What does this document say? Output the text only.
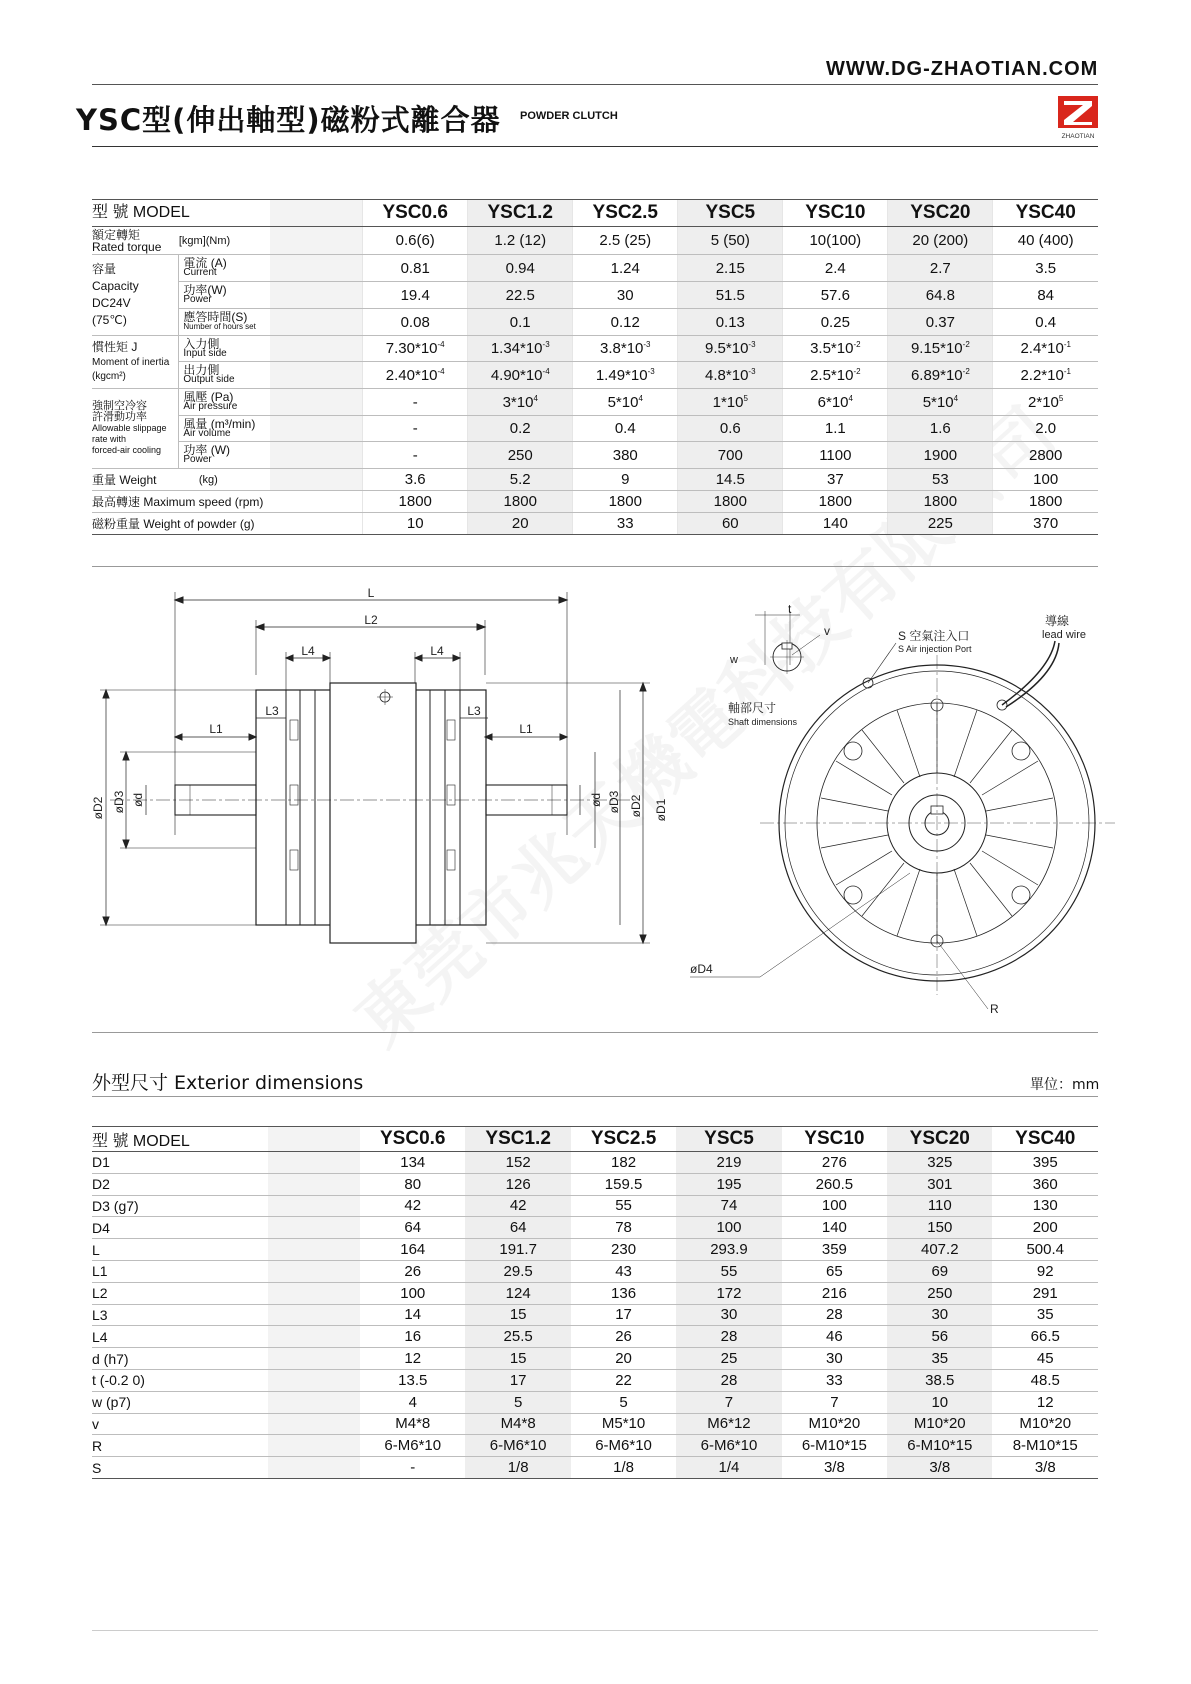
WWW.DG-ZHAOTIAN.COM
YSC型(伸出軸型)磁粉式離合器 POWDER CLUTCH
ZHAOTIAN
型 號 MODEL			YSC0.6	YSC1.2	YSC2.5	YSC5	YSC10	YSC20	YSC40
額定轉矩
Rated torque	[kgm](Nm)		0.6(6)	1.2 (12)	2.5 (25)	5 (50)	10(100)	20 (200)	40 (400)
容量
Capacity
DC24V
(75℃)	電流 (A)
Current		0.81	0.94	1.24	2.15	2.4	2.7	3.5

	功率(W)
Power		19.4	22.5	30	51.5	57.6	64.8	84

	應答時間(S)
Number of hours set		0.08	0.1	0.12	0.13	0.25	0.37	0.4
慣性矩 J
Moment of inertia
(kgcm²)	入力側
Input side		$7.30*10^{-4}$	$1.34*10^{-3}$	$3.8*10^{-3}$	$9.5*10^{-3}$	$3.5*10^{-2}$	$9.15*10^{-2}$	$2.4*10^{-1}$

	出力側
Output side		$2.40*10^{-4}$	$4.90*10^{-4}$	$1.49*10^{-3}$	$4.8*10^{-3}$	$2.5*10^{-2}$	$6.89*10^{-2}$	$2.2*10^{-1}$
強制空冷容
許滑動功率
Allowable slippage
rate with
forced-air cooling	風壓 (Pa)
Air pressure		-	$3*10^4$	$5*10^4$	$1*10^5$	$6*10^4$	$5*10^4$	$2*10^5$

	風量 (m³/min)
Air volume		-	0.2	0.4	0.6	1.1	1.6	2.0

	功率 (W)
Power		-	250	380	700	1100	1900	2800
重量 Weight	(kg)		3.6	5.2	9	14.5	37	53	100
最高轉速 Maximum speed (rpm)			1800	1800	1800	1800	1800	1800	1800
磁粉重量 Weight of powder (g)			10	20	33	60	140	225	370
L
L2
L4	L4
L3	L3
L1	L1
øD2 øD3 ød	øD1
øD2
øD3
ød
t
v
w
軸部尺寸
Shaft dimensions
S 空氣注入口
S Air injection Port
導線
lead wire
øD4
R
外型尺寸 Exterior dimensions	單位：mm
型 號 MODEL		YSC0.6	YSC1.2	YSC2.5	YSC5	YSC10	YSC20	YSC40
D1		134	152	182	219	276	325	395
D2		80	126	159.5	195	260.5	301	360
D3 (g7)		42	42	55	74	100	110	130
D4		64	64	78	100	140	150	200
L		164	191.7	230	293.9	359	407.2	500.4
L1		26	29.5	43	55	65	69	92
L2		100	124	136	172	216	250	291
L3		14	15	17	30	28	30	35
L4		16	25.5	26	28	46	56	66.5
d (h7)		12	15	20	25	30	35	45
t (-0.2 0)		13.5	17	22	28	33	38.5	48.5
w (p7)		4	5	5	7	7	10	12
v		M4*8	M4*8	M5*10	M6*12	M10*20	M10*20	M10*20
R		6-M6*10	6-M6*10	6-M6*10	6-M6*10	6-M10*15	6-M10*15	8-M10*15
S		-	1/8	1/8	1/4	3/8	3/8	3/8
